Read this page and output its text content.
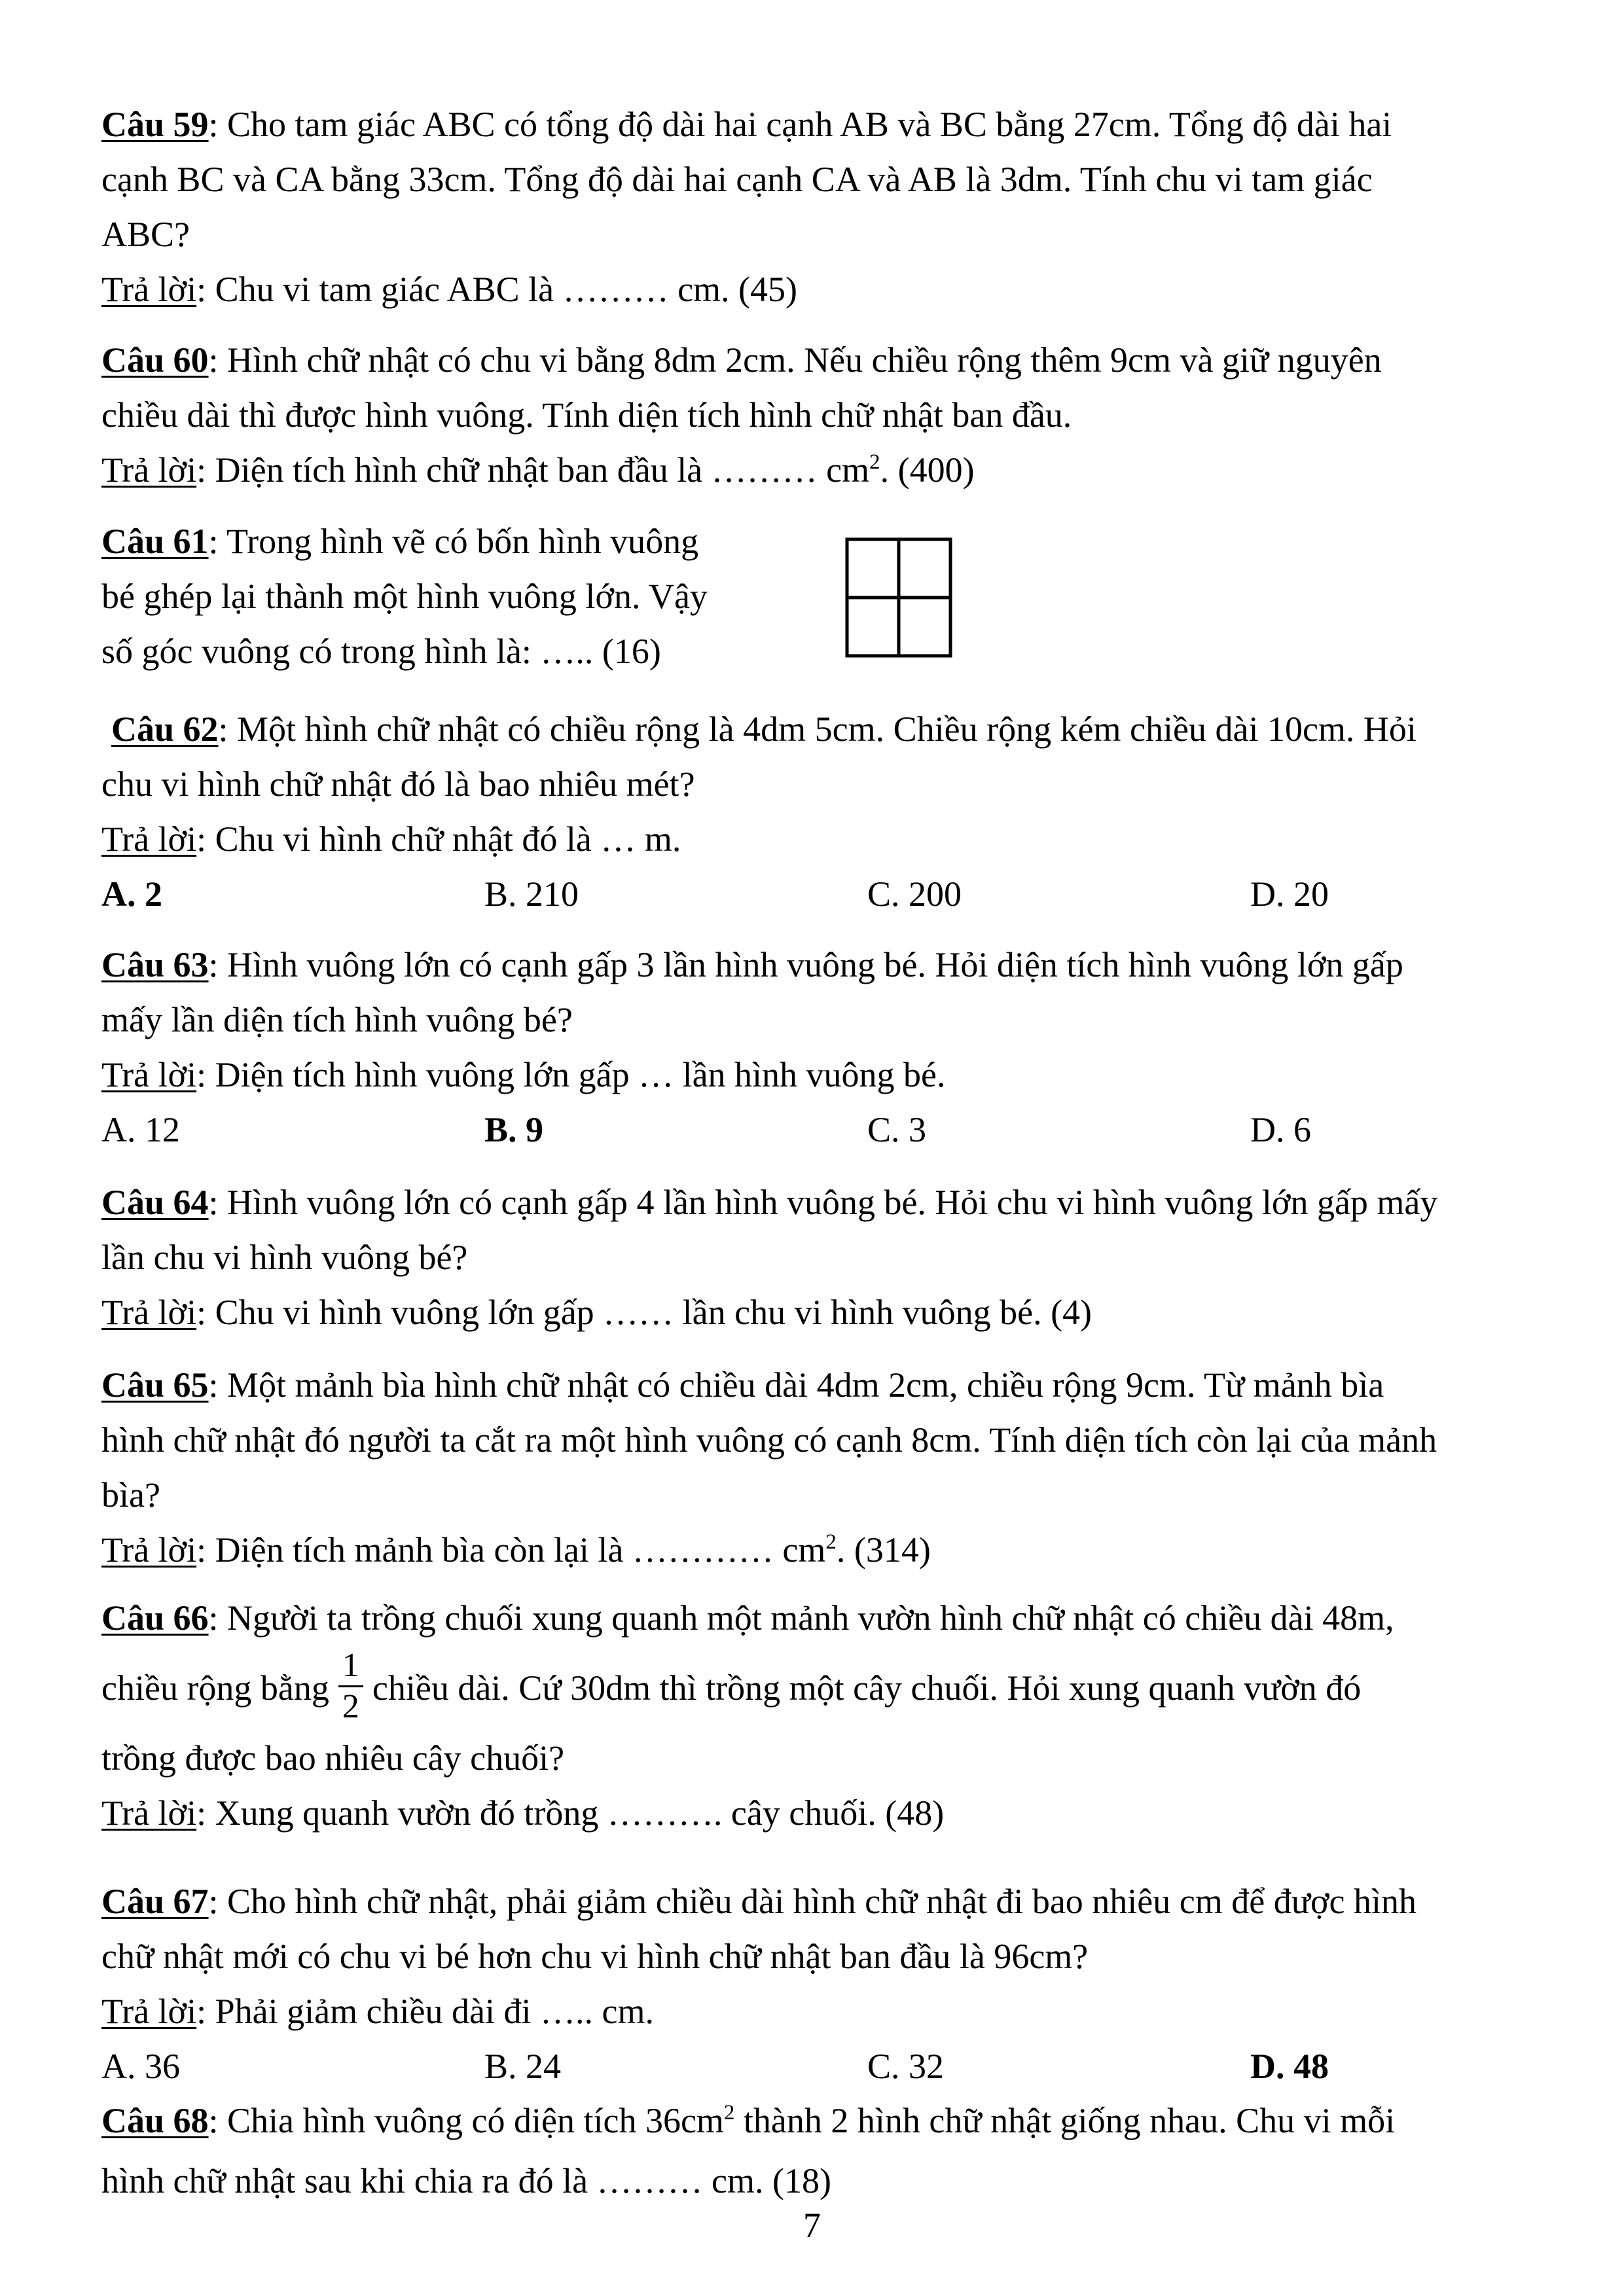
Câu 59: Cho tam giác ABC có tổng độ dài hai cạnh AB và BC bằng 27cm. Tổng độ dài hai
cạnh BC và CA bằng 33cm. Tổng độ dài hai cạnh CA và AB là 3dm. Tính chu vi tam giác
ABC?
Trả lời: Chu vi tam giác ABC là ……… cm. (45)
Câu 60: Hình chữ nhật có chu vi bằng 8dm 2cm. Nếu chiều rộng thêm 9cm và giữ nguyên
chiều dài thì được hình vuông. Tính diện tích hình chữ nhật ban đầu.
Trả lời: Diện tích hình chữ nhật ban đầu là ……… $cm^2$. (400)
Câu 61: Trong hình vẽ có bốn hình vuông
bé ghép lại thành một hình vuông lớn. Vậy
số góc vuông có trong hình là: ….. (16)
Câu 62: Một hình chữ nhật có chiều rộng là 4dm 5cm. Chiều rộng kém chiều dài 10cm. Hỏi
chu vi hình chữ nhật đó là bao nhiêu mét?
Trả lời: Chu vi hình chữ nhật đó là … m.
A. 2	B. 210	C. 200	D. 20
Câu 63: Hình vuông lớn có cạnh gấp 3 lần hình vuông bé. Hỏi diện tích hình vuông lớn gấp
mấy lần diện tích hình vuông bé?
Trả lời: Diện tích hình vuông lớn gấp … lần hình vuông bé.
A. 12	B. 9	C. 3	D. 6
Câu 64: Hình vuông lớn có cạnh gấp 4 lần hình vuông bé. Hỏi chu vi hình vuông lớn gấp mấy
lần chu vi hình vuông bé?
Trả lời: Chu vi hình vuông lớn gấp …… lần chu vi hình vuông bé. (4)
Câu 65: Một mảnh bìa hình chữ nhật có chiều dài 4dm 2cm, chiều rộng 9cm. Từ mảnh bìa
hình chữ nhật đó người ta cắt ra một hình vuông có cạnh 8cm. Tính diện tích còn lại của mảnh
bìa?
Trả lời: Diện tích mảnh bìa còn lại là ………… $cm^2$. (314)
Câu 66: Người ta trồng chuối xung quanh một mảnh vườn hình chữ nhật có chiều dài 48m,
chiều rộng bằng $\frac{1}{2}$ chiều dài. Cứ 30dm thì trồng một cây chuối. Hỏi xung quanh vườn đó
trồng được bao nhiêu cây chuối?
Trả lời: Xung quanh vườn đó trồng ………. cây chuối. (48)
Câu 67: Cho hình chữ nhật, phải giảm chiều dài hình chữ nhật đi bao nhiêu cm để được hình
chữ nhật mới có chu vi bé hơn chu vi hình chữ nhật ban đầu là 96cm?
Trả lời: Phải giảm chiều dài đi ….. cm.
A. 36	B. 24	C. 32	D. 48
Câu 68: Chia hình vuông có diện tích $36cm^2$ thành 2 hình chữ nhật giống nhau. Chu vi mỗi
hình chữ nhật sau khi chia ra đó là ……… cm. (18)
7
